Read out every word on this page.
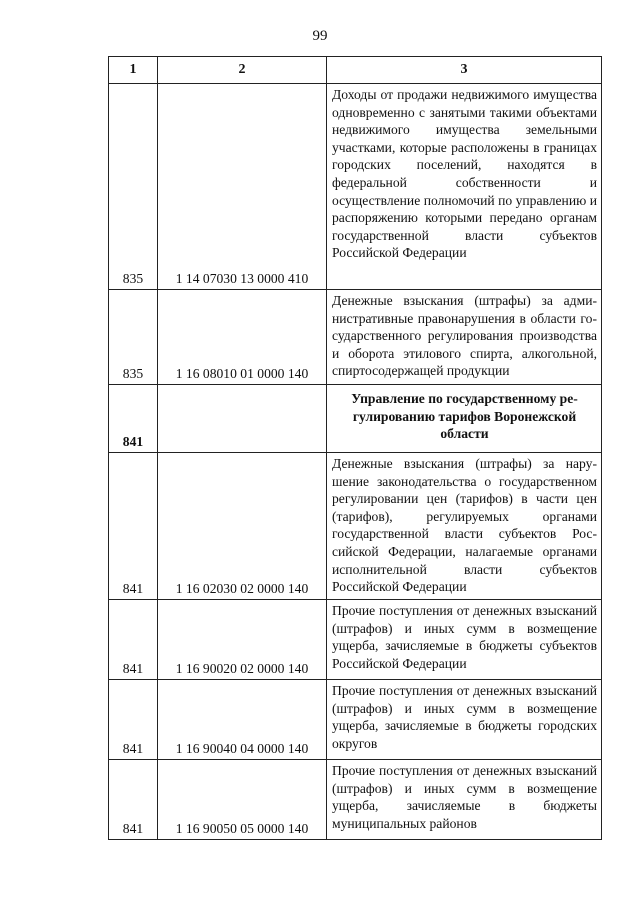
99
1	2	3
835	1 14 07030 13 0000 410	Доходы от продажи недвижимого имущества одновременно с занятыми такими объектами недвижимого имущества земельными участками, которые расположены в границах городских поселений, находятся в федеральной собственности и осуществление полномочий по управлению и распоряжению которыми передано органам государственной власти субъектов Российской Федерации
835	1 16 08010 01 0000 140	Денежные взыскания (штрафы) за административные правонарушения в области государственного регулирования производства и оборота этилового спирта, алкогольной, спиртосодержащей продукции
841		Управление по государственному регулированию тарифов Воронежской области
841	1 16 02030 02 0000 140	Денежные взыскания (штрафы) за нарушение законодательства о государственном регулировании цен (тарифов) в части цен (тарифов), регулируемых органами государственной власти субъектов Российской Федерации, налагаемые органами исполнительной власти субъектов Российской Федерации
841	1 16 90020 02 0000 140	Прочие поступления от денежных взысканий (штрафов) и иных сумм в возмещение ущерба, зачисляемые в бюджеты субъектов Российской Федерации
841	1 16 90040 04 0000 140	Прочие поступления от денежных взысканий (штрафов) и иных сумм в возмещение ущерба, зачисляемые в бюджеты городских округов
841	1 16 90050 05 0000 140	Прочие поступления от денежных взысканий (штрафов) и иных сумм в возмещение ущерба, зачисляемые в бюджеты муниципальных районов
